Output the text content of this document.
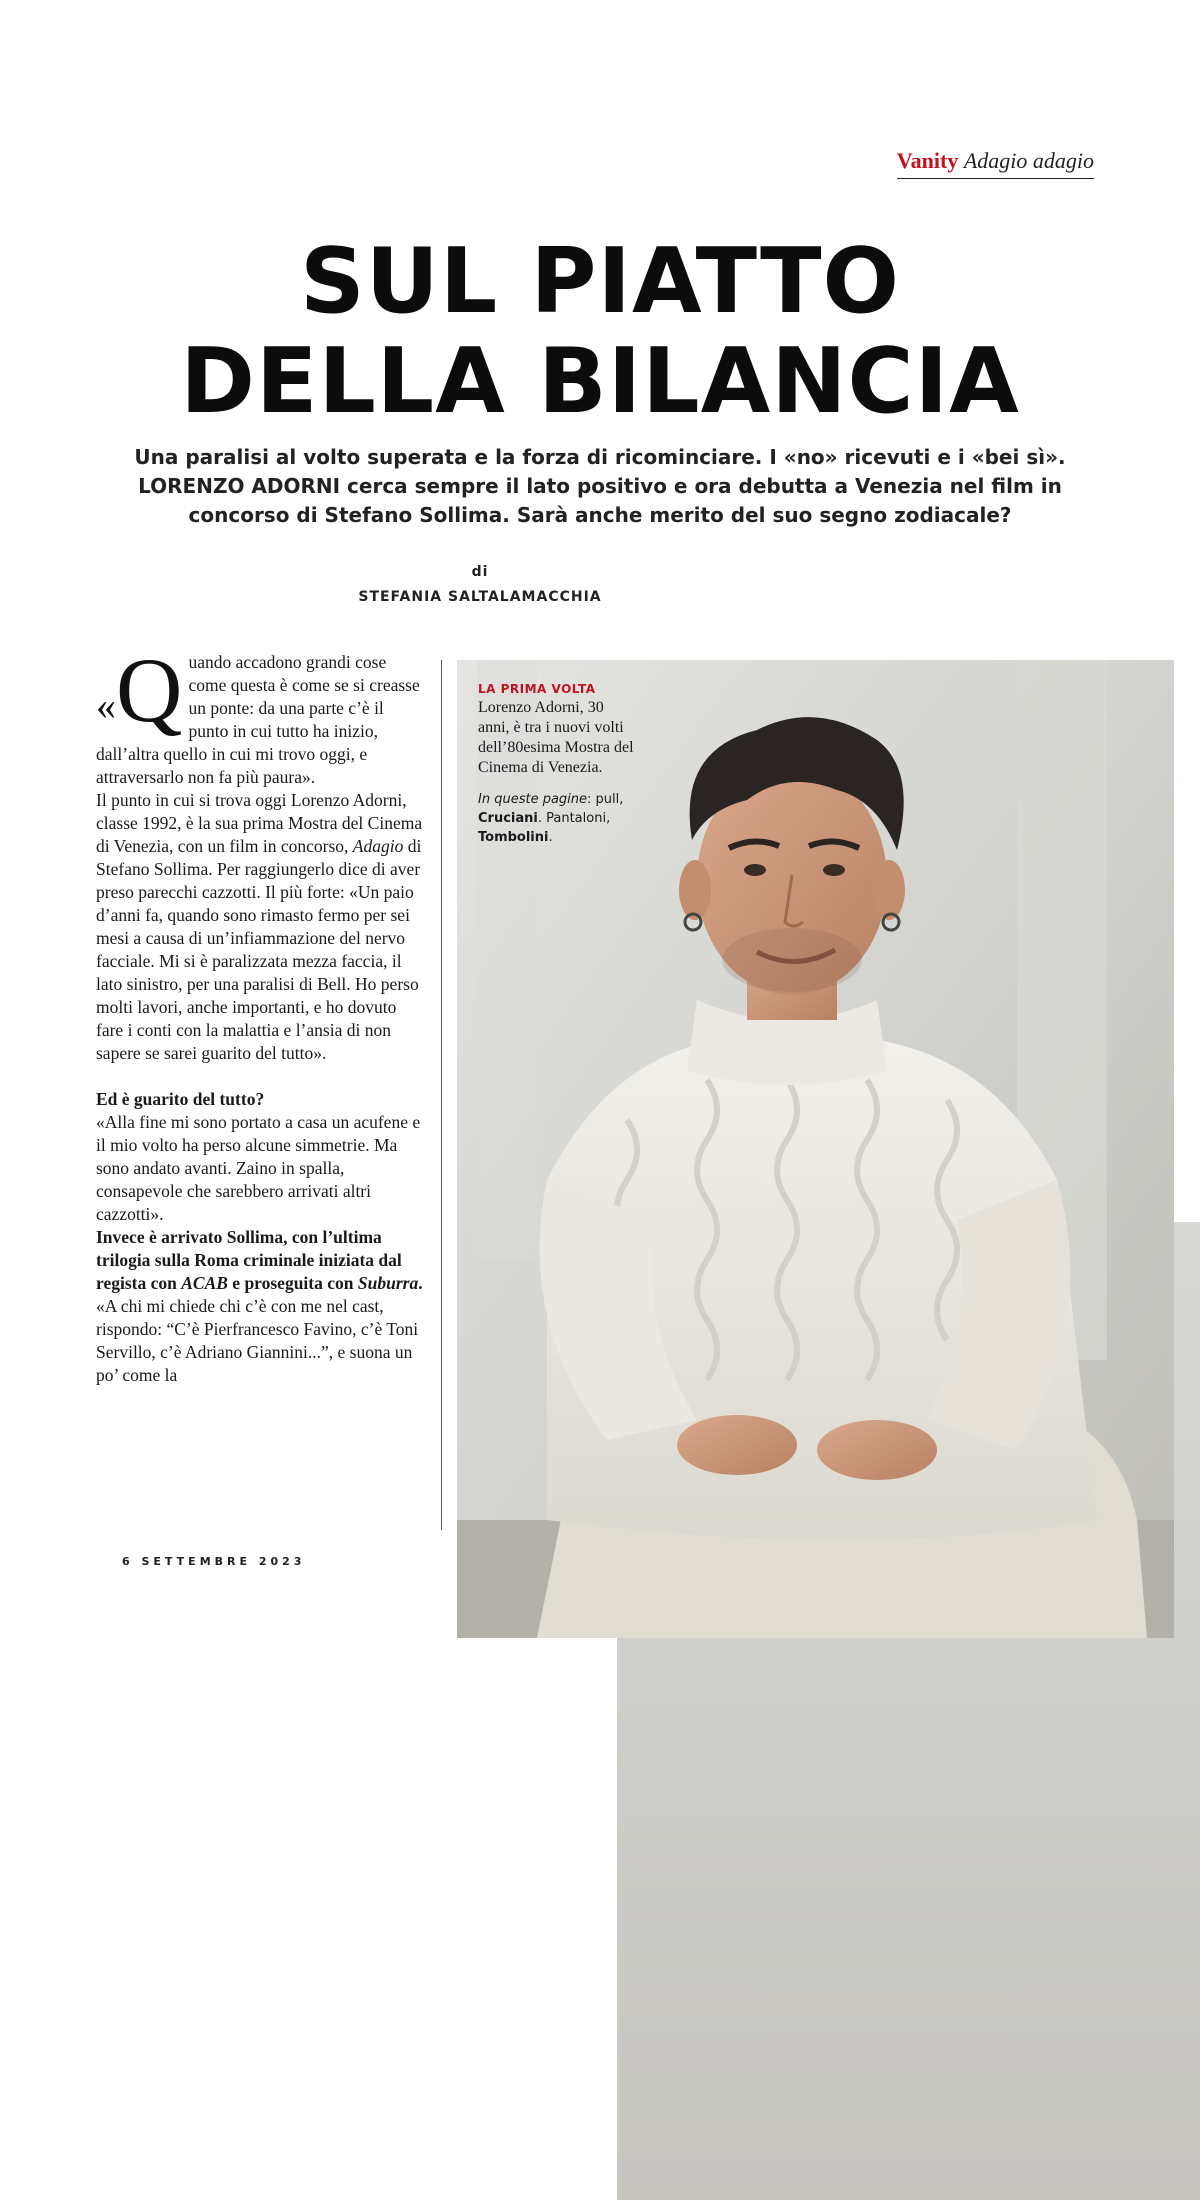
Vanity Adagio adagio
SUL PIATTO
DELLA BILANCIA
Una paralisi al volto superata e la forza di ricominciare. I «no» ricevuti e i «bei sì».
LORENZO ADORNI cerca sempre il lato positivo e ora debutta a Venezia nel film in
concorso di Stefano Sollima. Sarà anche merito del suo segno zodiacale?
di
STEFANIA SALTALAMACCHIA

«Q uando accadono grandi cose come questa è come se si creasse un ponte: da una parte c’è il punto in cui tutto ha inizio, dall’altra quello in cui mi trovo oggi, e attraversarlo non fa più paura».

Il punto in cui si trova oggi Lorenzo Adorni, classe 1992, è la sua prima Mostra del Cinema di Venezia, con un film in concorso, Adagio di Stefano Sollima. Per raggiungerlo dice di aver preso parecchi cazzotti. Il più forte: «Un paio d’anni fa, quando sono rimasto fermo per sei mesi a causa di un’infiammazione del nervo facciale. Mi si è paralizzata mezza faccia, il lato sinistro, per una paralisi di Bell. Ho perso molti lavori, anche importanti, e ho dovuto fare i conti con la malattia e l’ansia di non sapere se sarei guarito del tutto».

Ed è guarito del tutto?

«Alla fine mi sono portato a casa un acufene e il mio volto ha perso alcune simmetrie. Ma sono andato avanti. Zaino in spalla, consapevole che sarebbero arrivati altri cazzotti».

Invece è arrivato Sollima, con l’ultima trilogia sulla Roma criminale iniziata dal regista con ACAB e proseguita con Suburra.

«A chi mi chiede chi c’è con me nel cast, rispondo: “C’è Pierfrancesco Favino, c’è Toni Servillo, c’è Adriano Giannini...”, e suona un po’ come la

6 SETTEMBRE 2023
LA PRIMA VOLTA
Lorenzo Adorni, 30 anni, è tra i nuovi volti dell’80esima Mostra del Cinema di Venezia.
In queste pagine: pull, Cruciani. Pantaloni, Tombolini.
